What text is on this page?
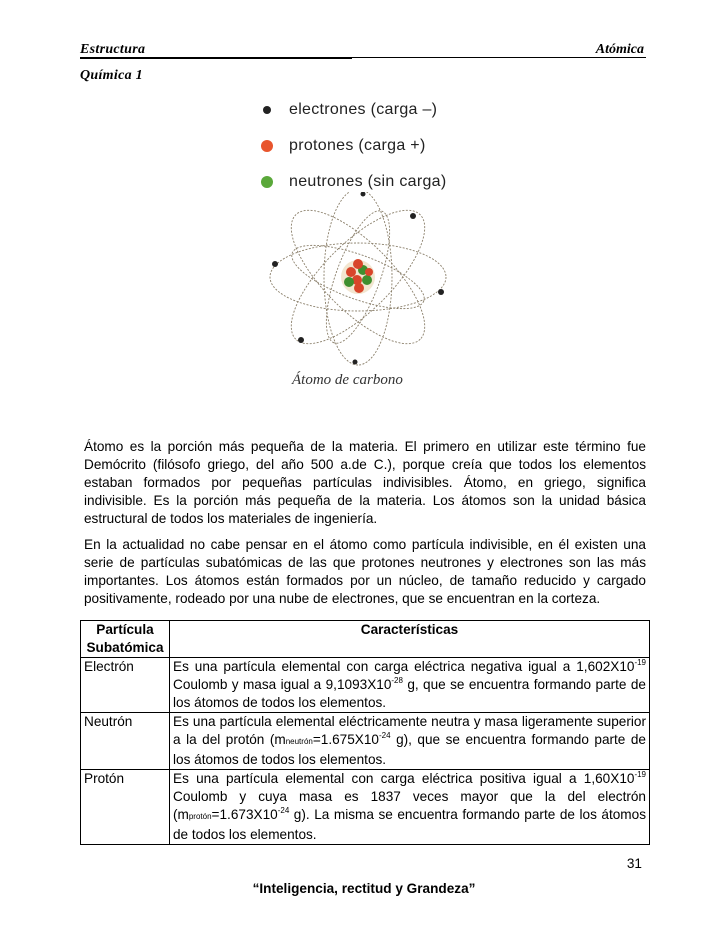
Estructura
Química 1
Atómica
electrones (carga –)
protones (carga +)
neutrones (sin carga)
Átomo de carbono

Átomo es la porción más pequeña de la materia. El primero en utilizar este término fue Demócrito (filósofo griego, del año 500 a.de C.), porque creía que todos los elementos estaban formados por pequeñas partículas indivisibles. Átomo, en griego, significa indivisible. Es la porción más pequeña de la materia. Los átomos son la unidad básica estructural de todos los materiales de ingeniería.

En la actualidad no cabe pensar en el átomo como partícula indivisible, en él existen una serie de partículas subatómicas de las que protones neutrones y electrones son las más importantes. Los átomos están formados por un núcleo, de tamaño reducido y cargado positivamente, rodeado por una nube de electrones, que se encuentran en la corteza.

Partícula Subatómica	Características
Electrón	Es una partícula elemental con carga eléctrica negativa igual a $1,602X10^{-19}$ Coulomb y masa igual a $9,1093X10^{-28}$ g, que se encuentra formando parte de los átomos de todos los elementos.
Neutrón	Es una partícula elemental eléctricamente neutra y masa ligeramente superior a la del protón ($mneutrón=1.675X10^{-24}$ g), que se encuentra formando parte de los átomos de todos los elementos.
Protón	Es una partícula elemental con carga eléctrica positiva igual a $1,60X10^{-19}$ Coulomb y cuya masa es 1837 veces mayor que la del electrón ($mprotón=1.673X10^{-24}$ g). La misma se encuentra formando parte de los átomos de todos los elementos.
31
“Inteligencia, rectitud y Grandeza”
